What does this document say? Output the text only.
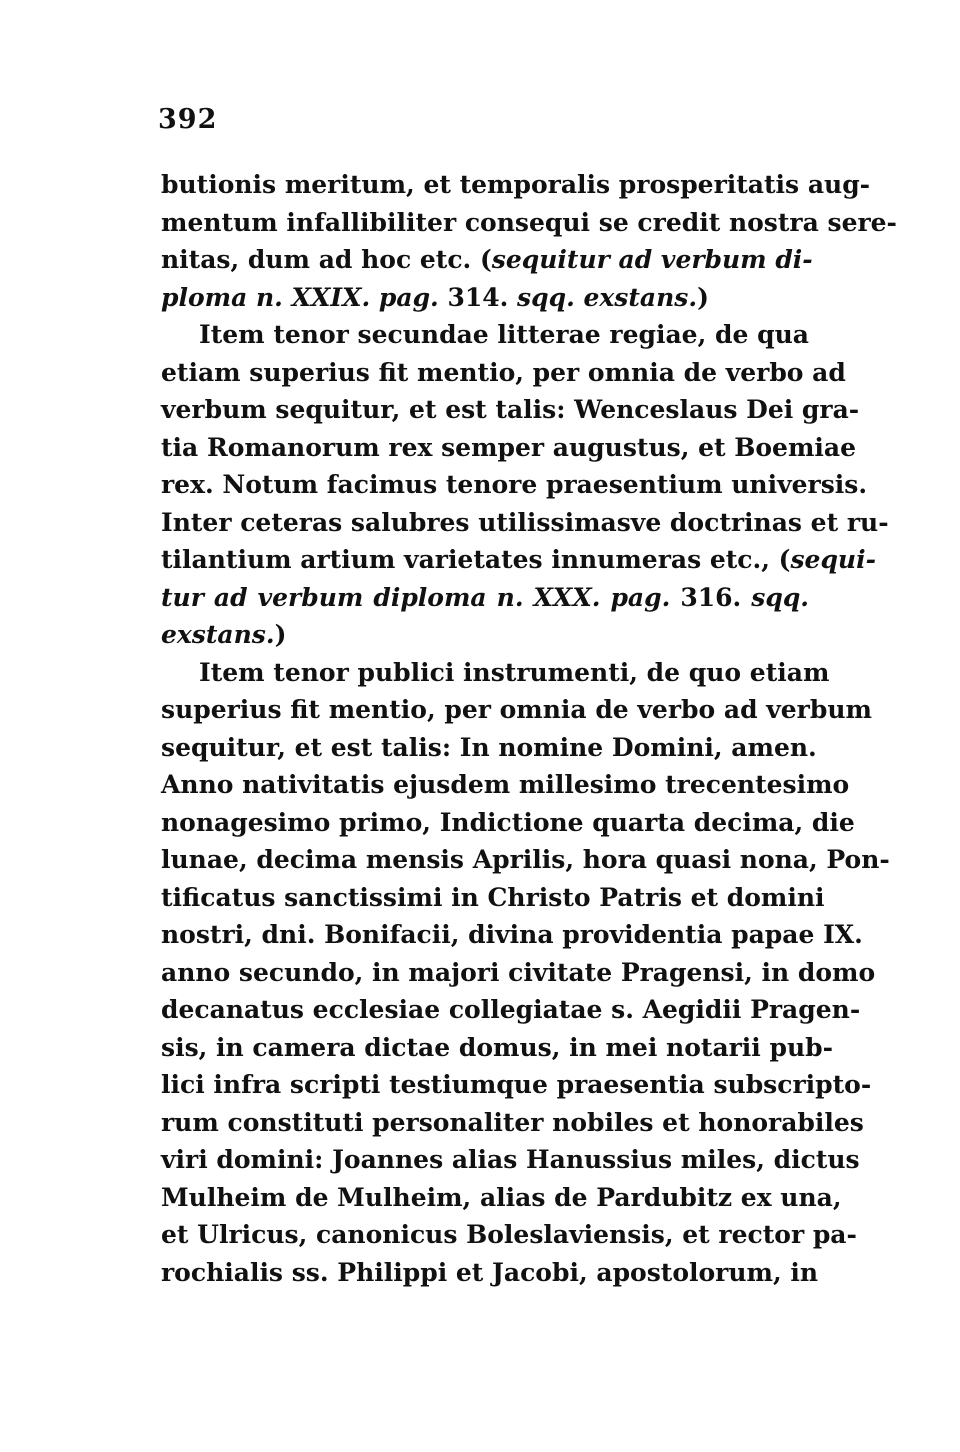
392
butionis meritum, et temporalis prosperitatis aug-
mentum infallibiliter consequi se credit nostra sere-
nitas, dum ad hoc etc. (sequitur ad verbum di-
ploma n. XXIX. pag. 314. sqq. exstans.)
Item tenor secundae litterae regiae, de qua
etiam superius fit mentio, per omnia de verbo ad
verbum sequitur, et est talis: Wenceslaus Dei gra-
tia Romanorum rex semper augustus, et Boemiae
rex. Notum facimus tenore praesentium universis.
Inter ceteras salubres utilissimasve doctrinas et ru-
tilantium artium varietates innumeras etc., (sequi-
tur ad verbum diploma n. XXX. pag. 316. sqq.
exstans.)
Item tenor publici instrumenti, de quo etiam
superius fit mentio, per omnia de verbo ad verbum
sequitur, et est talis: In nomine Domini, amen.
Anno nativitatis ejusdem millesimo trecentesimo
nonagesimo primo, Indictione quarta decima, die
lunae, decima mensis Aprilis, hora quasi nona, Pon-
tificatus sanctissimi in Christo Patris et domini
nostri, dni. Bonifacii, divina providentia papae IX.
anno secundo, in majori civitate Pragensi, in domo
decanatus ecclesiae collegiatae s. Aegidii Pragen-
sis, in camera dictae domus, in mei notarii pub-
lici infra scripti testiumque praesentia subscripto-
rum constituti personaliter nobiles et honorabiles
viri domini: Joannes alias Hanussius miles, dictus
Mulheim de Mulheim, alias de Pardubitz ex una,
et Ulricus, canonicus Boleslaviensis, et rector pa-
rochialis ss. Philippi et Jacobi, apostolorum, in
